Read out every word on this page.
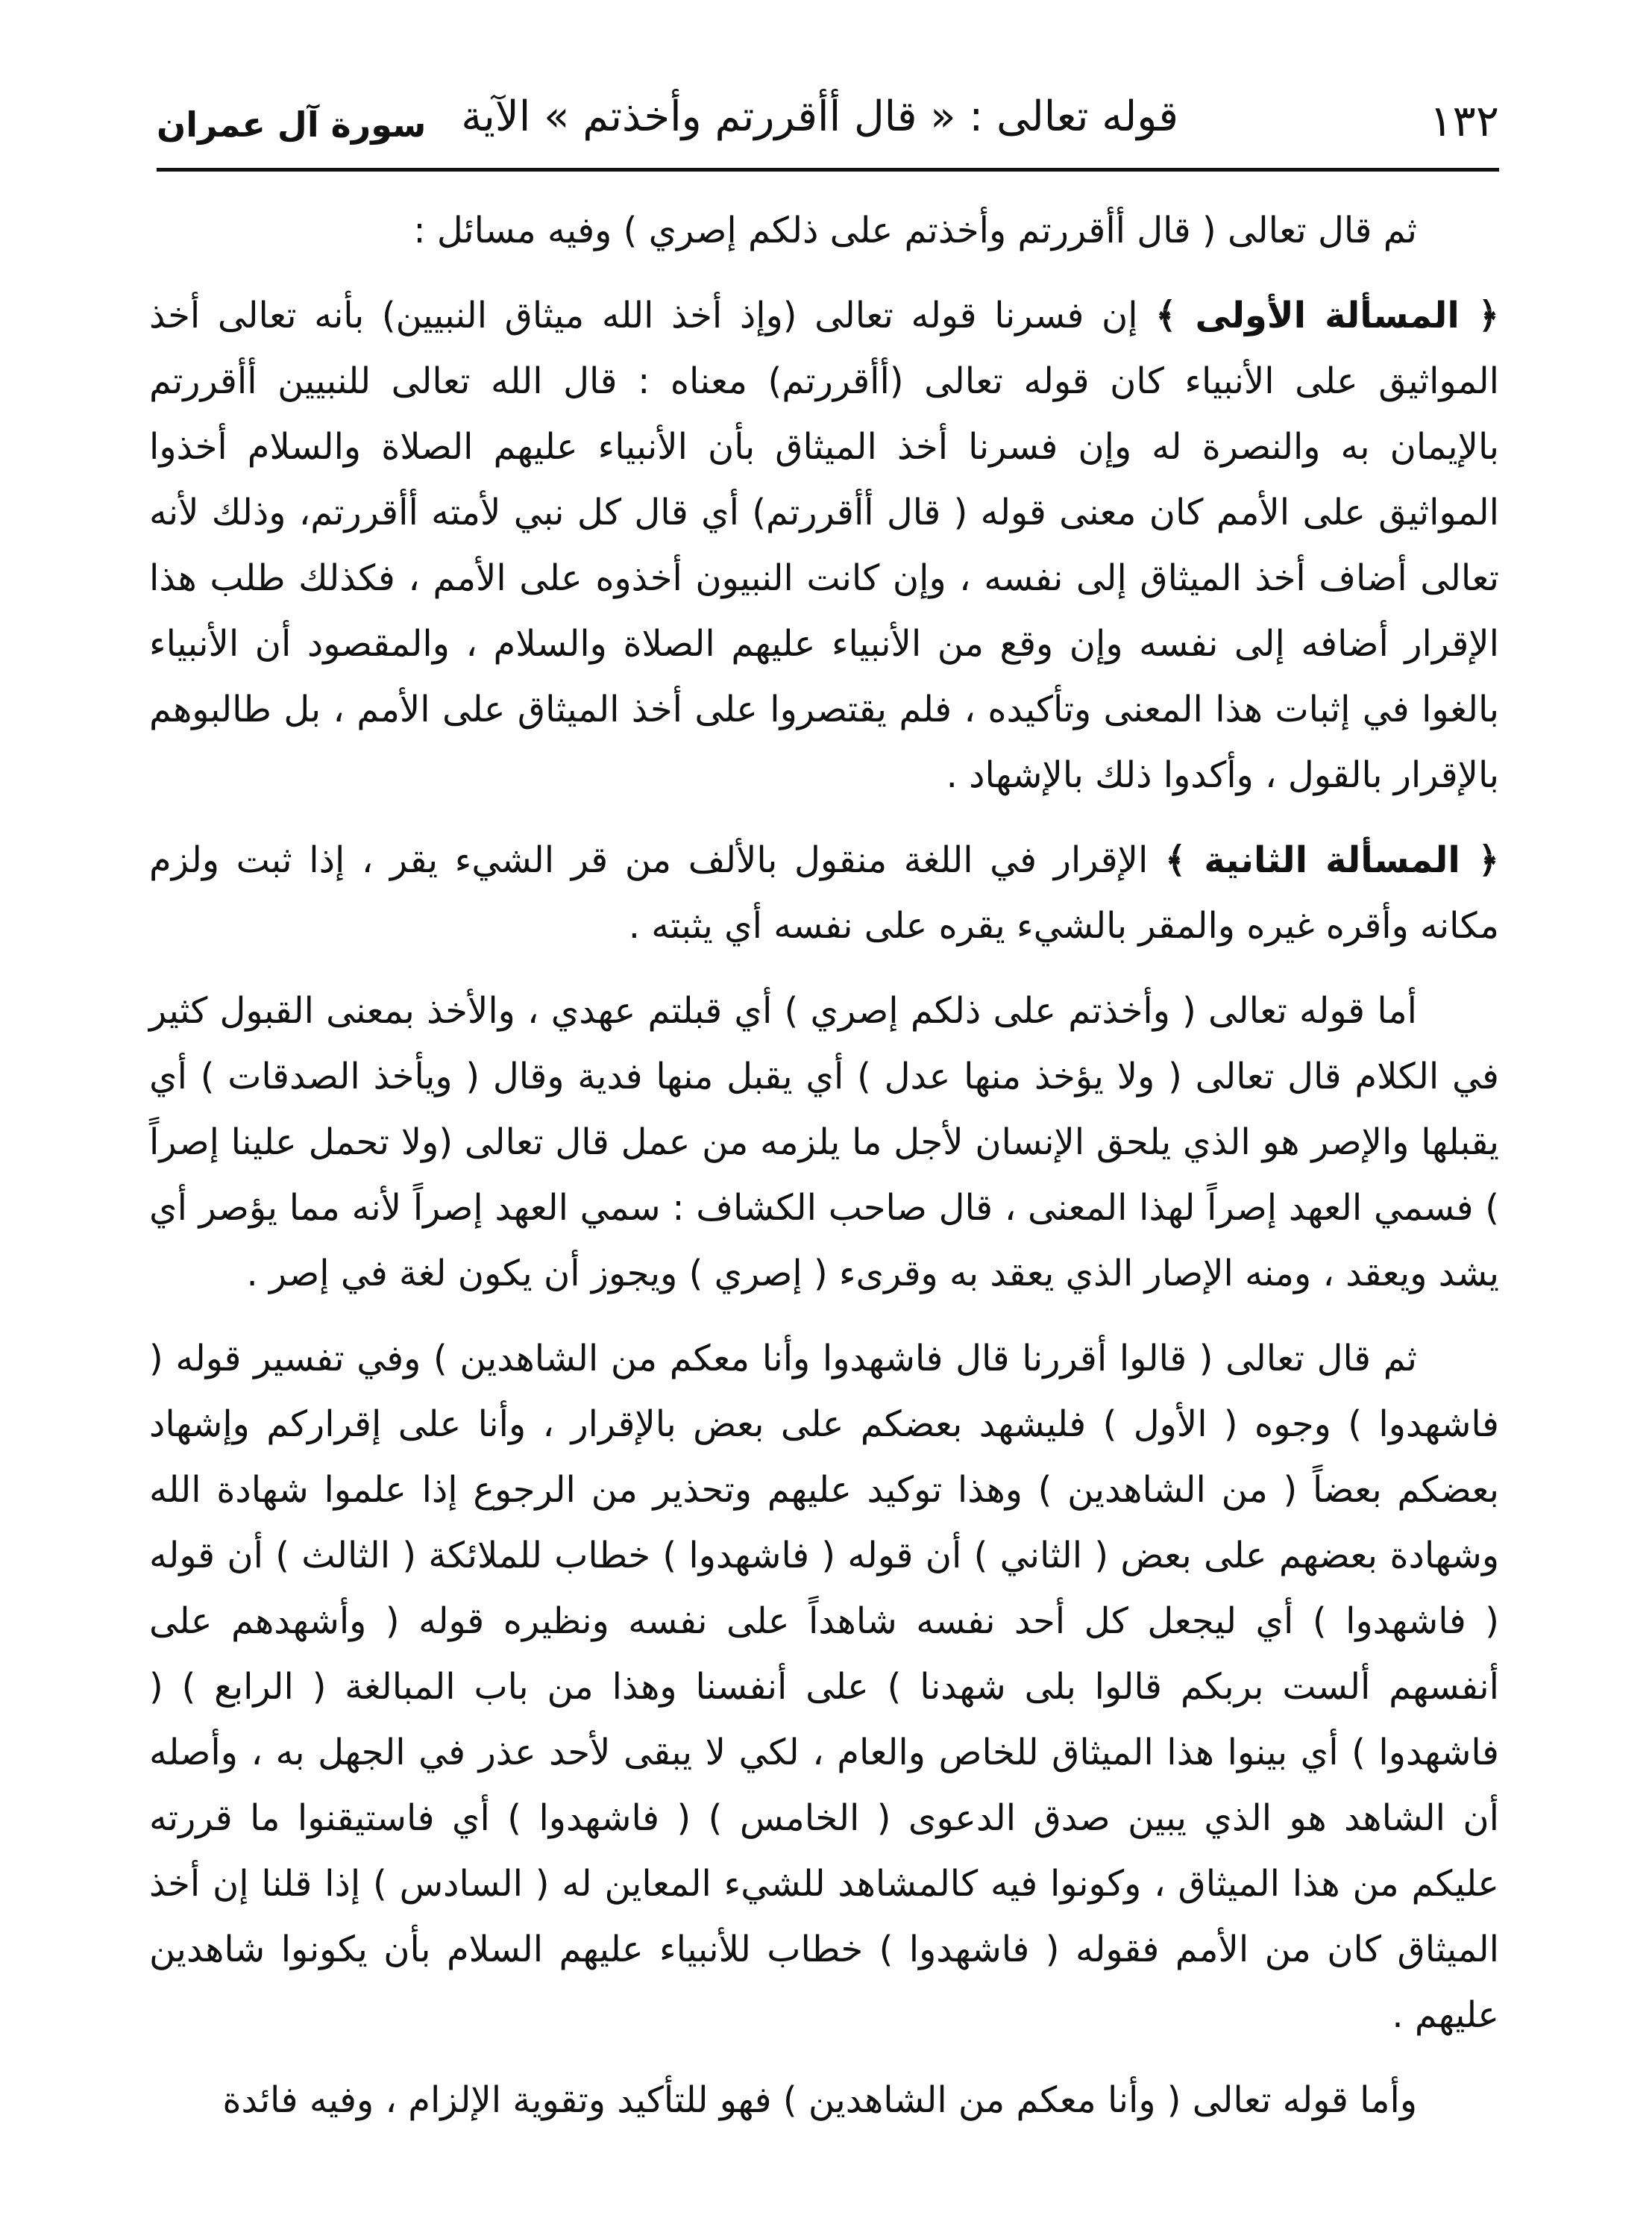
١٣٢
قوله تعالى : « قال أأقررتم وأخذتم » الآية
سورة آل عمران

ثم قال تعالى ( قال أأقررتم وأخذتم على ذلكم إصري ) وفيه مسائل :

﴿ المسألة الأولى ﴾ إن فسرنا قوله تعالى (وإذ أخذ الله ميثاق النبيين) بأنه تعالى أخذ المواثيق على الأنبياء كان قوله تعالى (أأقررتم) معناه : قال الله تعالى للنبيين أأقررتم بالإيمان به والنصرة له وإن فسرنا أخذ الميثاق بأن الأنبياء عليهم الصلاة والسلام أخذوا المواثيق على الأمم كان معنى قوله ( قال أأقررتم) أي قال كل نبي لأمته أأقررتم، وذلك لأنه تعالى أضاف أخذ الميثاق إلى نفسه ، وإن كانت النبيون أخذوه على الأمم ، فكذلك طلب هذا الإقرار أضافه إلى نفسه وإن وقع من الأنبياء عليهم الصلاة والسلام ، والمقصود أن الأنبياء بالغوا في إثبات هذا المعنى وتأكيده ، فلم يقتصروا على أخذ الميثاق على الأمم ، بل طالبوهم بالإقرار بالقول ، وأكدوا ذلك بالإشهاد .

﴿ المسألة الثانية ﴾ الإقرار في اللغة منقول بالألف من قر الشيء يقر ، إذا ثبت ولزم مكانه وأقره غيره والمقر بالشيء يقره على نفسه أي يثبته .

أما قوله تعالى ( وأخذتم على ذلكم إصري ) أي قبلتم عهدي ، والأخذ بمعنى القبول كثير في الكلام قال تعالى ( ولا يؤخذ منها عدل ) أي يقبل منها فدية وقال ( ويأخذ الصدقات ) أي يقبلها والإصر هو الذي يلحق الإنسان لأجل ما يلزمه من عمل قال تعالى (ولا تحمل علينا إصراً ) فسمي العهد إصراً لهذا المعنى ، قال صاحب الكشاف : سمي العهد إصراً لأنه مما يؤصر أي يشد ويعقد ، ومنه الإصار الذي يعقد به وقرىء ( إصري ) ويجوز أن يكون لغة في إصر .

ثم قال تعالى ( قالوا أقررنا قال فاشهدوا وأنا معكم من الشاهدين ) وفي تفسير قوله ( فاشهدوا ) وجوه ( الأول ) فليشهد بعضكم على بعض بالإقرار ، وأنا على إقراركم وإشهاد بعضكم بعضاً ( من الشاهدين ) وهذا توكيد عليهم وتحذير من الرجوع إذا علموا شهادة الله وشهادة بعضهم على بعض ( الثاني ) أن قوله ( فاشهدوا ) خطاب للملائكة ( الثالث ) أن قوله ( فاشهدوا ) أي ليجعل كل أحد نفسه شاهداً على نفسه ونظيره قوله ( وأشهدهم على أنفسهم ألست بربكم قالوا بلى شهدنا ) على أنفسنا وهذا من باب المبالغة ( الرابع ) ( فاشهدوا ) أي بينوا هذا الميثاق للخاص والعام ، لكي لا يبقى لأحد عذر في الجهل به ، وأصله أن الشاهد هو الذي يبين صدق الدعوى ( الخامس ) ( فاشهدوا ) أي فاستيقنوا ما قررته عليكم من هذا الميثاق ، وكونوا فيه كالمشاهد للشيء المعاين له ( السادس ) إذا قلنا إن أخذ الميثاق كان من الأمم فقوله ( فاشهدوا ) خطاب للأنبياء عليهم السلام بأن يكونوا شاهدين عليهم .

وأما قوله تعالى ( وأنا معكم من الشاهدين ) فهو للتأكيد وتقوية الإلزام ، وفيه فائدة
